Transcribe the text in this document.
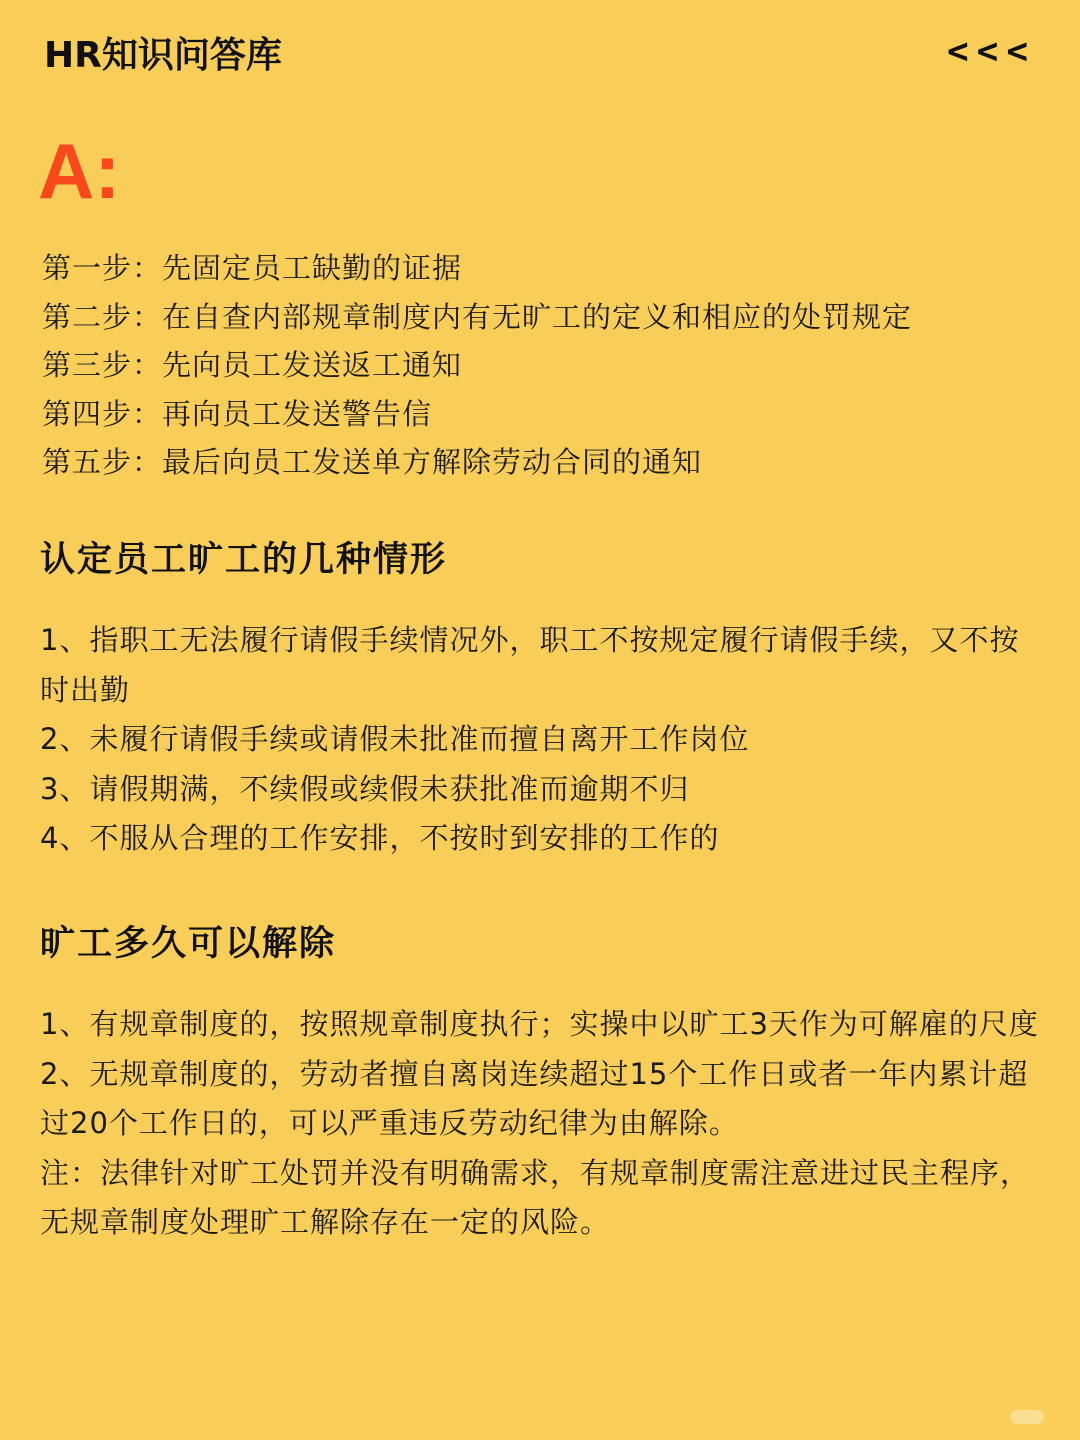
HR知识问答库	<<<
A:
第一步：先固定员工缺勤的证据
第二步：在自查内部规章制度内有无旷工的定义和相应的处罚规定
第三步：先向员工发送返工通知
第四步：再向员工发送警告信
第五步：最后向员工发送单方解除劳动合同的通知
认定员工旷工的几种情形
1、指职工无法履行请假手续情况外，职工不按规定履行请假手续，又不按时出勤
2、未履行请假手续或请假未批准而擅自离开工作岗位
3、请假期满，不续假或续假未获批准而逾期不归
4、不服从合理的工作安排，不按时到安排的工作的
旷工多久可以解除
1、有规章制度的，按照规章制度执行；实操中以旷工3天作为可解雇的尺度
2、无规章制度的，劳动者擅自离岗连续超过15个工作日或者一年内累计超过20个工作日的，可以严重违反劳动纪律为由解除。
注：法律针对旷工处罚并没有明确需求，有规章制度需注意进过民主程序，无规章制度处理旷工解除存在一定的风险。
